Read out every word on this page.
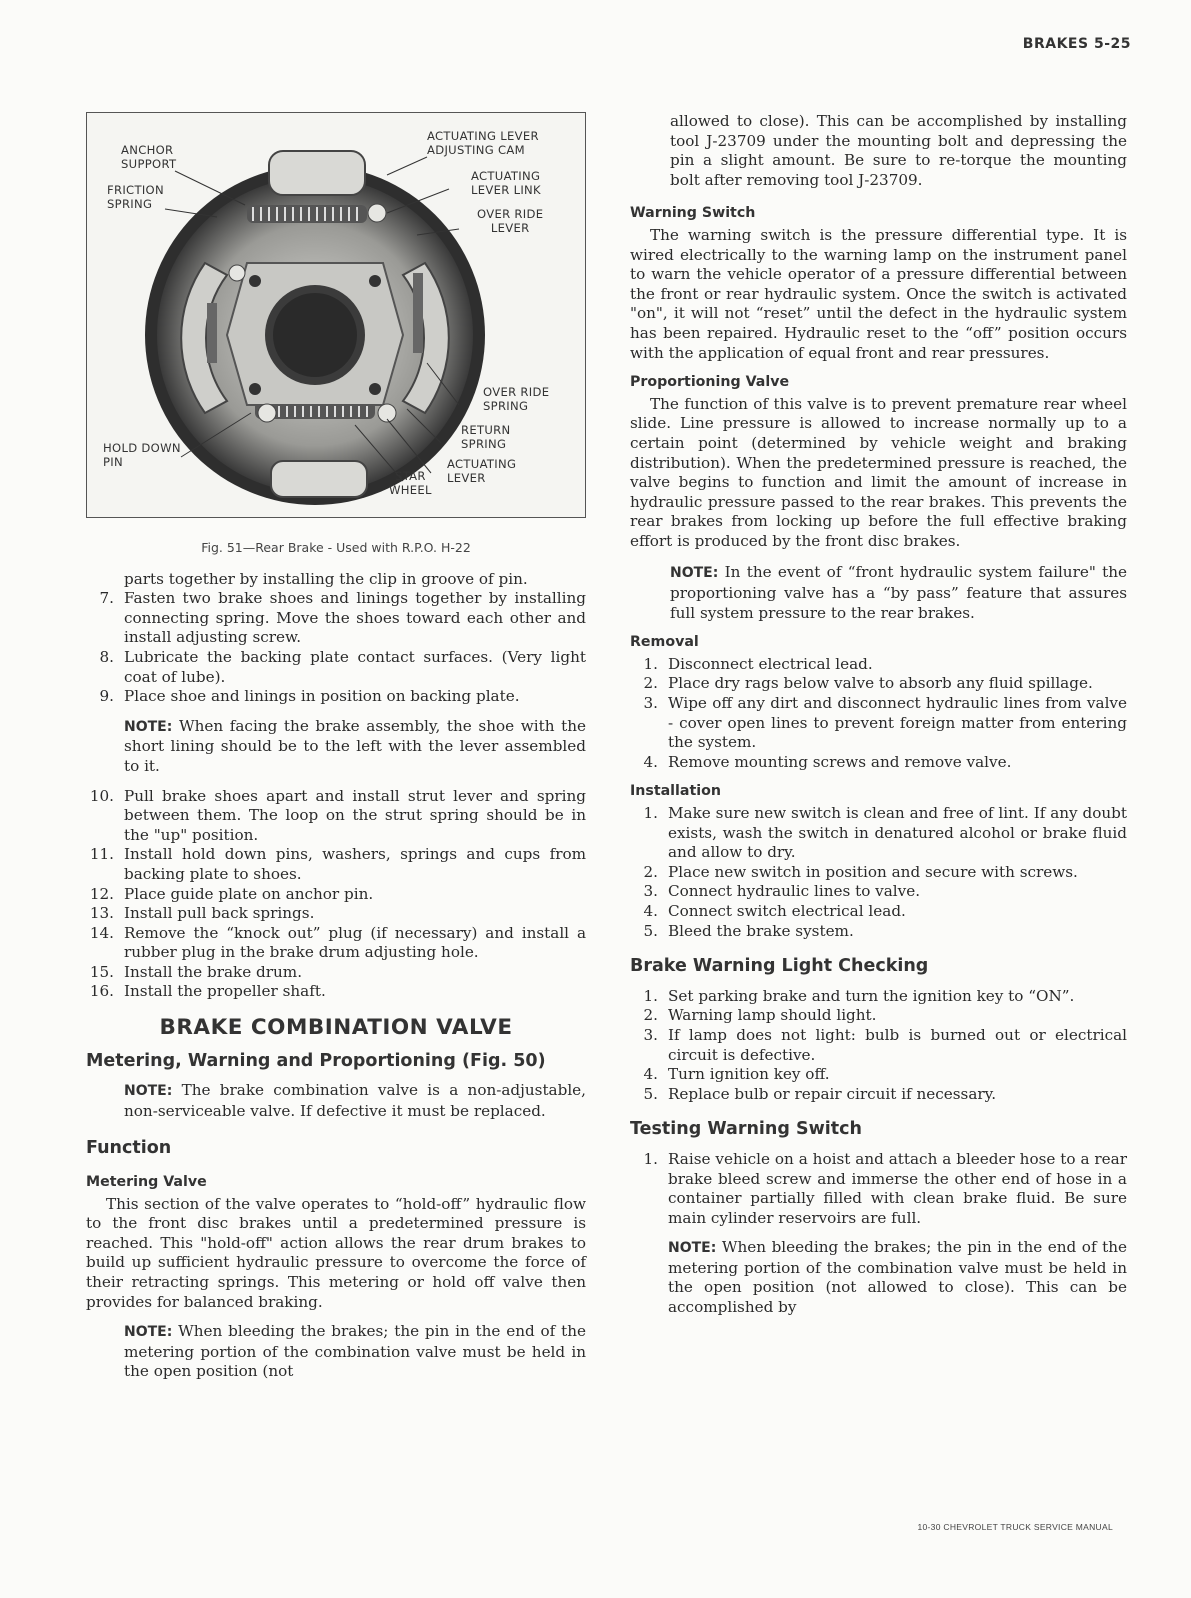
BRAKES 5-25
ANCHOR
SUPPORT
FRICTION
SPRING
ACTUATING LEVER
ADJUSTING CAM
ACTUATING
LEVER LINK
OVER RIDE
LEVER
OVER RIDE
SPRING
RETURN
SPRING
ACTUATING
LEVER
STAR
WHEEL
HOLD DOWN
PIN
Fig. 51—Rear Brake - Used with R.P.O. H-22

parts together by installing the clip in groove of pin.

7. Fasten two brake shoes and linings together by installing connecting spring. Move the shoes toward each other and install adjusting screw.
8. Lubricate the backing plate contact surfaces. (Very light coat of lube).
9. Place shoe and linings in position on backing plate.

NOTE: When facing the brake assembly, the shoe with the short lining should be to the left with the lever assembled to it.

10. Pull brake shoes apart and install strut lever and spring between them. The loop on the strut spring should be in the "up" position.
11. Install hold down pins, washers, springs and cups from backing plate to shoes.
12. Place guide plate on anchor pin.
13. Install pull back springs.
14. Remove the “knock out” plug (if necessary) and install a rubber plug in the brake drum adjusting hole.
15. Install the brake drum.
16. Install the propeller shaft.
BRAKE COMBINATION VALVE
Metering, Warning and Proportioning (Fig. 50)

NOTE: The brake combination valve is a non-adjustable, non-serviceable valve. If defective it must be replaced.

Function
Metering Valve

This section of the valve operates to “hold-off” hydraulic flow to the front disc brakes until a predetermined pressure is reached. This "hold-off" action allows the rear drum brakes to build up sufficient hydraulic pressure to overcome the force of their retracting springs. This metering or hold off valve then provides for balanced braking.

NOTE: When bleeding the brakes; the pin in the end of the metering portion of the combination valve must be held in the open position (not

allowed to close). This can be accomplished by installing tool J-23709 under the mounting bolt and depressing the pin a slight amount. Be sure to re-torque the mounting bolt after removing tool J-23709.

Warning Switch

The warning switch is the pressure differential type. It is wired electrically to the warning lamp on the instrument panel to warn the vehicle operator of a pressure differential between the front or rear hydraulic system. Once the switch is activated "on", it will not “reset” until the defect in the hydraulic system has been repaired. Hydraulic reset to the “off” position occurs with the application of equal front and rear pressures.

Proportioning Valve

The function of this valve is to prevent premature rear wheel slide. Line pressure is allowed to increase normally up to a certain point (determined by vehicle weight and braking distribution). When the predetermined pressure is reached, the valve begins to function and limit the amount of increase in hydraulic pressure passed to the rear brakes. This prevents the rear brakes from locking up before the full effective braking effort is produced by the front disc brakes.

NOTE: In the event of “front hydraulic system failure" the proportioning valve has a “by pass” feature that assures full system pressure to the rear brakes.

Removal
1. Disconnect electrical lead.
2. Place dry rags below valve to absorb any fluid spillage.
3. Wipe off any dirt and disconnect hydraulic lines from valve - cover open lines to prevent foreign matter from entering the system.
4. Remove mounting screws and remove valve.
Installation
1. Make sure new switch is clean and free of lint. If any doubt exists, wash the switch in denatured alcohol or brake fluid and allow to dry.
2. Place new switch in position and secure with screws.
3. Connect hydraulic lines to valve.
4. Connect switch electrical lead.
5. Bleed the brake system.
Brake Warning Light Checking
1. Set parking brake and turn the ignition key to “ON”.
2. Warning lamp should light.
3. If lamp does not light: bulb is burned out or electrical circuit is defective.
4. Turn ignition key off.
5. Replace bulb or repair circuit if necessary.
Testing Warning Switch
1. Raise vehicle on a hoist and attach a bleeder hose to a rear brake bleed screw and immerse the other end of hose in a container partially filled with clean brake fluid. Be sure main cylinder reservoirs are full.

NOTE: When bleeding the brakes; the pin in the end of the metering portion of the combination valve must be held in the open position (not allowed to close). This can be accomplished by

10-30 CHEVROLET TRUCK SERVICE MANUAL
